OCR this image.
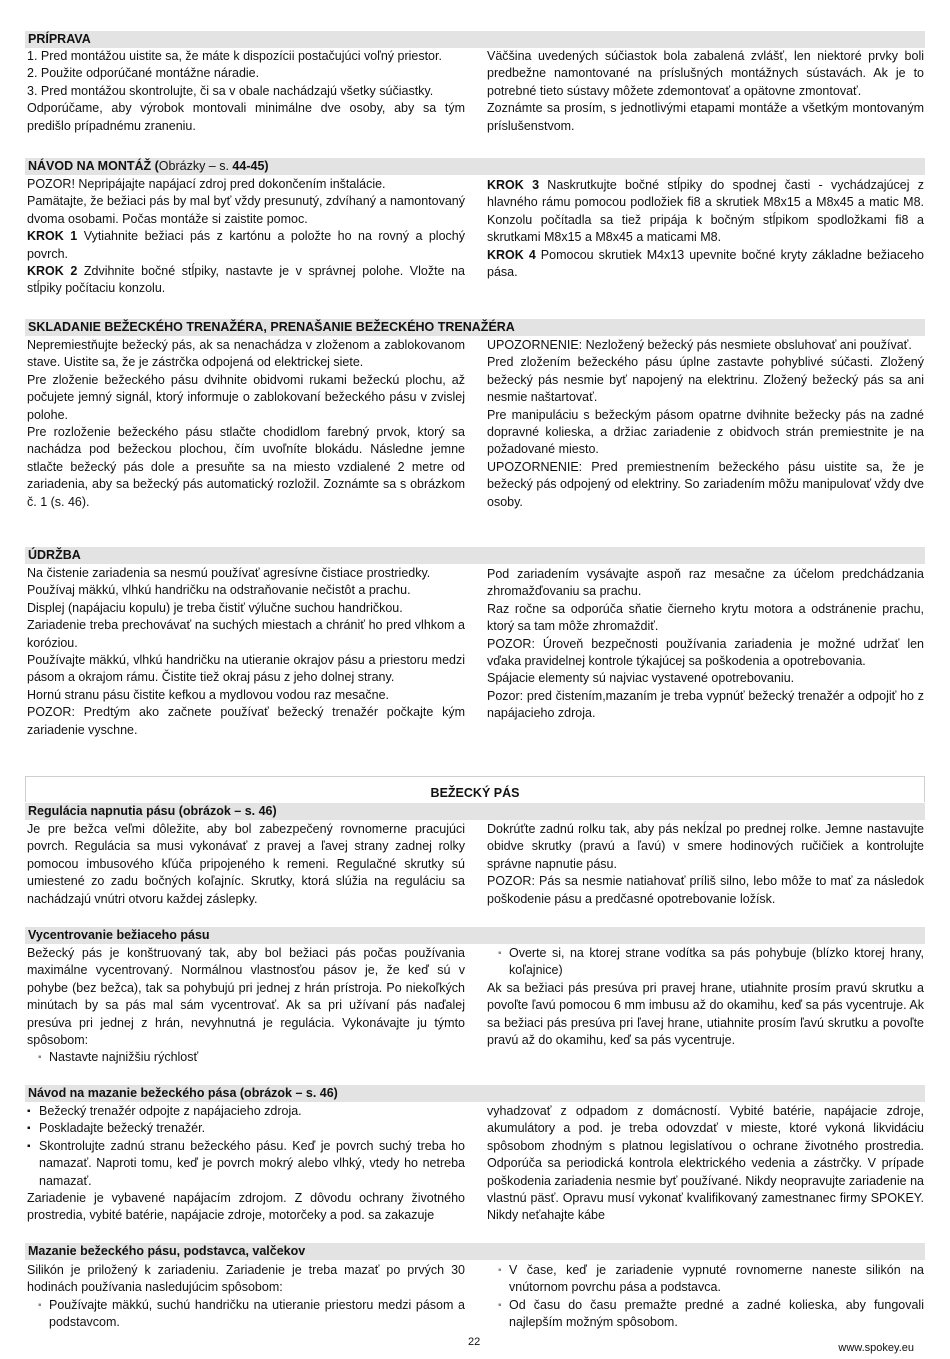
PRÍPRAVA

1. Pred montážou uistite sa, že máte k dispozícii postačujúci voľný priestor.

2. Použite odporúčané montážne náradie.

3. Pred montážou skontrolujte, či sa v obale nachádzajú všetky súčiastky.

Odporúčame, aby výrobok montovali minimálne dve osoby, aby sa tým predišlo prípadnému zraneniu.

Väčšina uvedených súčiastok bola zabalená zvlášť, len niektoré prvky boli predbežne namontované na príslušných montážnych sústavách. Ak je to potrebné tieto sústavy môžete zdemontovať a opätovne zmontovať.

Zoznámte sa prosím, s jednotlivými etapami montáže a všetkým montovaným príslušenstvom.

NÁVOD NA MONTÁŽ (Obrázky – s. 44-45)

POZOR! Nepripájajte napájací zdroj pred dokončením inštalácie.

Pamätajte, že bežiaci pás by mal byť vždy presunutý, zdvíhaný a namontovaný dvoma osobami. Počas montáže si zaistite pomoc.

KROK 1 Vytiahnite bežiaci pás z kartónu a položte ho na rovný a plochý povrch.

KROK 2 Zdvihnite bočné stĺpiky, nastavte je v správnej polohe. Vložte na stĺpiky počítaciu konzolu.

KROK 3 Naskrutkujte bočné stĺpiky do spodnej časti - vychádzajúcej z hlavného rámu pomocou podložiek fi8 a skrutiek M8x15 a M8x45 a matic M8. Konzolu počítadla sa tiež pripája k bočným stĺpikom spodložkami fi8 a skrutkami M8x15 a M8x45 a maticami M8.

KROK 4 Pomocou skrutiek M4x13 upevnite bočné kryty základne bežiaceho pása.

SKLADANIE BEŽECKÉHO TRENAŽÉRA, PRENAŠANIE BEŽECKÉHO TRENAŽÉRA

Nepremiestňujte bežecký pás, ak sa nenachádza v zloženom a zablokovanom stave. Uistite sa, že je zástrčka odpojená od elektrickej siete.

Pre zloženie bežeckého pásu dvihnite obidvomi rukami bežeckú plochu, až počujete jemný signál, ktorý informuje o zablokovaní bežeckého pásu v zvislej polohe.

Pre rozloženie bežeckého pásu stlačte chodidlom farebný prvok, ktorý sa nachádza pod bežeckou plochou, čím uvoľníte blokádu. Následne jemne stlačte bežecký pás dole a presuňte sa na miesto vzdialené 2 metre od zariadenia, aby sa bežecký pás automatický rozložil. Zoznámte sa s obrázkom č. 1 (s. 46).

UPOZORNENIE: Nezložený bežecký pás nesmiete obsluhovať ani používať.

Pred zložením bežeckého pásu úplne zastavte pohyblivé súčasti. Zložený bežecký pás nesmie byť napojený na elektrinu. Zložený bežecký pás sa ani nesmie naštartovať.

Pre manipuláciu s bežeckým pásom opatrne dvihnite bežecky pás na zadné dopravné kolieska, a držiac zariadenie z obidvoch strán premiestnite je na požadované miesto.

UPOZORNENIE: Pred premiestnením bežeckého pásu uistite sa, že je bežecký pás odpojený od elektriny. So zariadením môžu manipulovať vždy dve osoby.

ÚDRŽBA

Na čistenie zariadenia sa nesmú používať agresívne čistiace prostriedky.

Používaj mäkkú, vlhkú handričku na odstraňovanie nečistôt a prachu.

Displej (napájaciu kopulu) je treba čistiť výlučne suchou handričkou.

Zariadenie treba prechovávať na suchých miestach a chrániť ho pred vlhkom a koróziou.

Používajte mäkkú, vlhkú handričku na utieranie okrajov pásu a priestoru medzi pásom a okrajom rámu. Čistite tiež okraj pásu z jeho dolnej strany.

Hornú stranu pásu čistite kefkou a mydlovou vodou raz mesačne.

POZOR: Predtým ako začnete používať bežecký trenažér počkajte kým zariadenie vyschne.

Pod zariadením vysávajte aspoň raz mesačne za účelom predchádzania zhromažďovaniu sa prachu.

Raz ročne sa odporúča sňatie čierneho krytu motora a odstránenie prachu, ktorý sa tam môže zhromaždiť.

POZOR: Úroveň bezpečnosti používania zariadenia je možné udržať len vďaka pravidelnej kontrole týkajúcej sa poškodenia a opotrebovania.

Spájacie elementy sú najviac vystavené opotrebovaniu.

Pozor: pred čistením,mazaním je treba vypnúť bežecký trenažér a odpojiť ho z napájacieho zdroja.

BEŽECKÝ PÁS
Regulácia napnutia pásu (obrázok – s. 46)

Je pre bežca veľmi dôležite, aby bol zabezpečený rovnomerne pracujúci povrch. Regulácia sa musi vykonávať z pravej a ľavej strany zadnej rolky pomocou imbusového kľúča pripojeného k remeni. Regulačné skrutky sú umiestené zo zadu bočných koľajníc. Skrutky, ktorá slúžia na reguláciu sa nachádzajú vnútri otvoru každej záslepky.

Dokrúťte zadnú rolku tak, aby pás nekĺzal po prednej rolke. Jemne nastavujte obidve skrutky (pravú a ľavú) v smere hodinových ručičiek a kontrolujte správne napnutie pásu.

POZOR: Pás sa nesmie natiahovať príliš silno, lebo môže to mať za následok poškodenie pásu a predčasné opotrebovanie ložísk.

Vycentrovanie bežiaceho pásu

Bežecký pás je konštruovaný tak, aby bol bežiaci pás počas používania maximálne vycentrovaný. Normálnou vlastnosťou pásov je, že keď sú v pohybe (bez bežca), tak sa pohybujú pri jednej z hrán prístroja. Po niekoľkých minútach by sa pás mal sám vycentrovať. Ak sa pri užívaní pás naďalej presúva pri jednej z hrán, nevyhnutná je regulácia. Vykonávajte ju týmto spôsobom:

▪ Nastavte najnižšiu rýchlosť

▪ Overte si, na ktorej strane vodítka sa pás pohybuje (blízko ktorej hrany, koľajnice)

Ak sa bežiaci pás presúva pri pravej hrane, utiahnite prosím pravú skrutku a povoľte ľavú pomocou 6 mm imbusu až do okamihu, keď sa pás vycentruje. Ak sa bežiaci pás presúva pri ľavej hrane, utiahnite prosím ľavú skrutku a povoľte pravú až do okamihu, keď sa pás vycentruje.

Návod na mazanie bežeckého pása (obrázok – s. 46)

▪ Bežecký trenažér odpojte z napájacieho zdroja.

▪ Poskladajte bežecký trenažér.

▪ Skontrolujte zadnú stranu bežeckého pásu. Keď je povrch suchý treba ho namazať. Naproti tomu, keď je povrch mokrý alebo vlhký, vtedy ho netreba namazať.

Zariadenie je vybavené napájacím zdrojom. Z dôvodu ochrany životného prostredia, vybité batérie, napájacie zdroje, motorčeky a pod. sa zakazuje

vyhadzovať z odpadom z domácností. Vybité batérie, napájacie zdroje, akumulátory a pod. je treba odovzdať v mieste, ktoré vykoná likvidáciu spôsobom zhodným s platnou legislatívou o ochrane životného prostredia. Odporúča sa periodická kontrola elektrického vedenia a zástrčky. V prípade poškodenia zariadenia nesmie byť používané. Nikdy neopravujte zariadenie na vlastnú päsť. Opravu musí vykonať kvalifikovaný zamestnanec firmy SPOKEY. Nikdy neťahajte kábe

Mazanie bežeckého pásu, podstavca, valčekov

Silikón je priložený k zariadeniu. Zariadenie je treba mazať po prvých 30 hodinách používania nasledujúcim spôsobom:

▪ Používajte mäkkú, suchú handričku na utieranie priestoru medzi pásom a podstavcom.

▪ V čase, keď je zariadenie vypnuté rovnomerne naneste silikón na vnútornom povrchu pása a podstavca.

▪ Od času do času premažte predné a zadné kolieska, aby fungovali najlepším možným spôsobom.

22	www.spokey.eu
